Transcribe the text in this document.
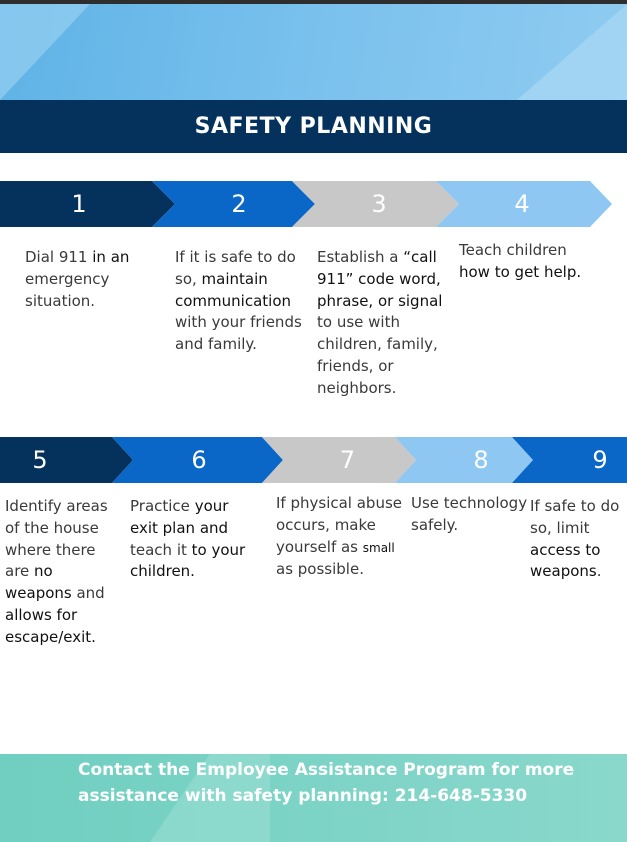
SAFETY PLANNING
1	2	3	4
Dial 911 in an
emergency
situation.
If it is safe to do
so, maintain
communication
with your friends
and family.
Establish a “call
911” code word,
phrase, or signal
to use with
children, family,
friends, or
neighbors.
Teach children
how to get help.
5	6	7	8	9
Identify areas
of the house
where there
are no
weapons and
allows for
escape/exit.
Practice your
exit plan and
teach it to your
children.
If physical abuse
occurs, make
yourself as small
as possible.
Use technology
safely.
If safe to do
so, limit
access to
weapons.

Contact the Employee Assistance Program for more assistance with safety planning: 214-648-5330
